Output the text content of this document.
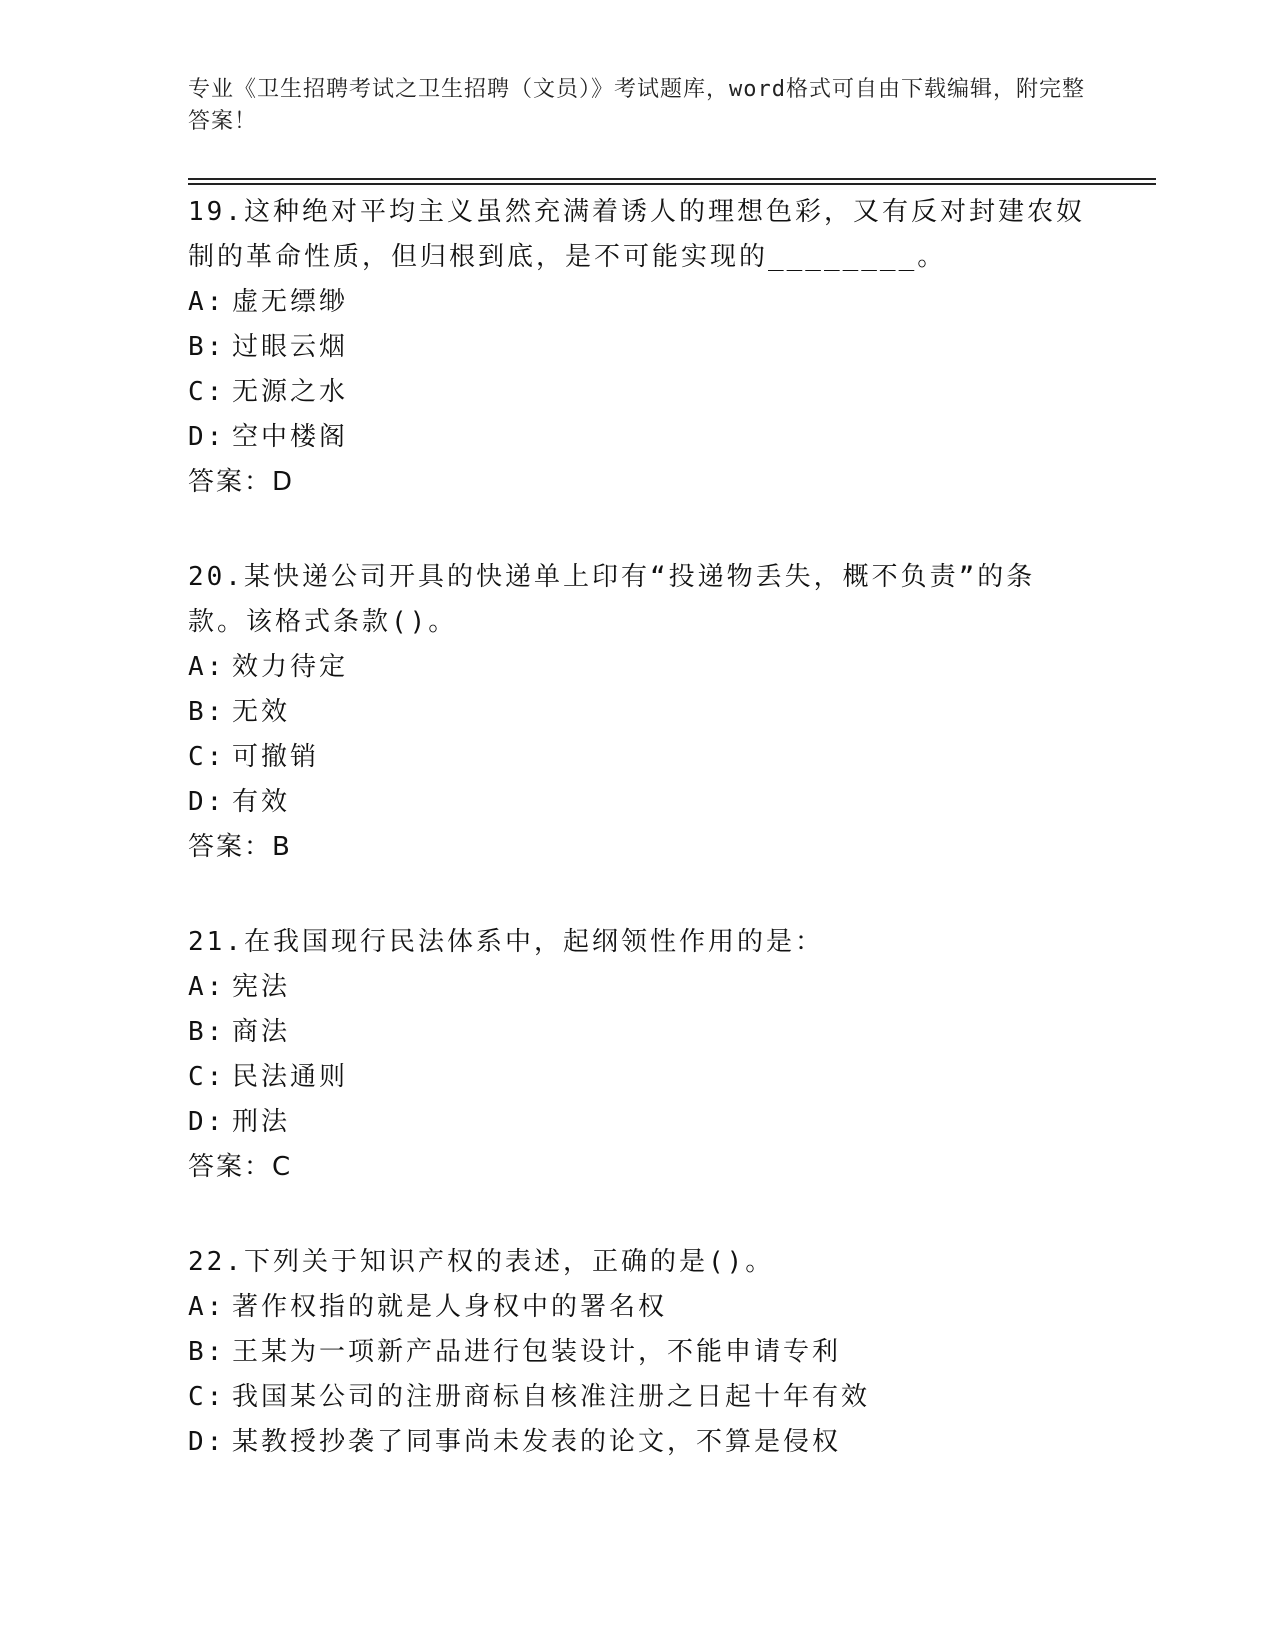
专业《卫生招聘考试之卫生招聘（文员）》考试题库，word格式可自由下载编辑，附完整答案！

19.这种绝对平均主义虽然充满着诱人的理想色彩，又有反对封建农奴制的革命性质，但归根到底，是不可能实现的________。

A: 虚无缥缈

B: 过眼云烟

C: 无源之水

D: 空中楼阁

答案：D

20.某快递公司开具的快递单上印有“投递物丢失，概不负责”的条款。该格式条款()。

A: 效力待定

B: 无效

C: 可撤销

D: 有效

答案：B

21.在我国现行民法体系中，起纲领性作用的是：

A: 宪法

B: 商法

C: 民法通则

D: 刑法

答案：C

22.下列关于知识产权的表述，正确的是()。

A: 著作权指的就是人身权中的署名权

B: 王某为一项新产品进行包装设计，不能申请专利

C: 我国某公司的注册商标自核准注册之日起十年有效

D: 某教授抄袭了同事尚未发表的论文，不算是侵权
